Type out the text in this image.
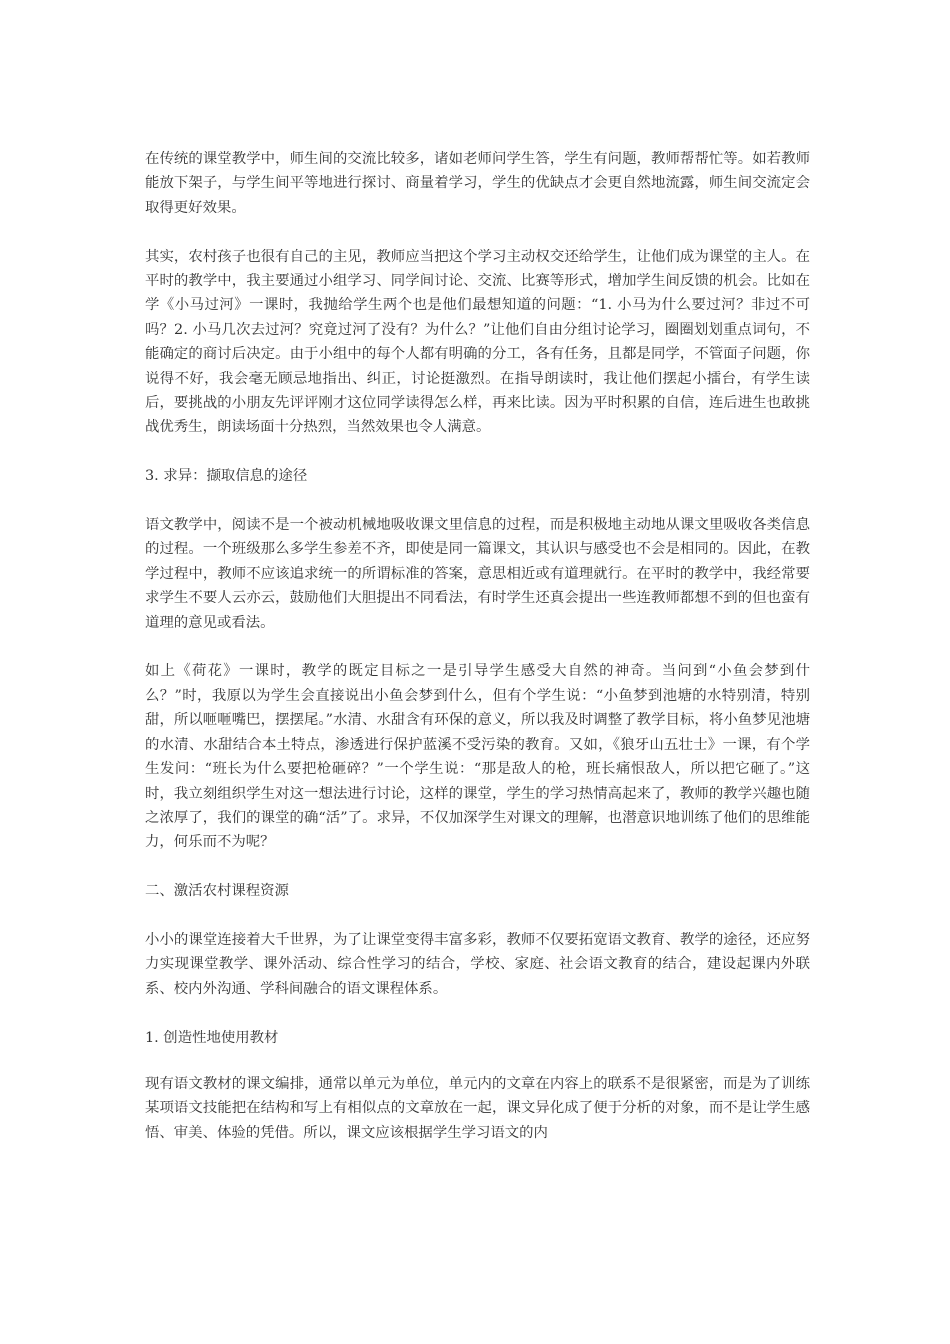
在传统的课堂教学中，师生间的交流比较多，诸如老师问学生答，学生有问题，教师帮帮忙等。如若教师能放下架子，与学生间平等地进行探讨、商量着学习，学生的优缺点才会更自然地流露，师生间交流定会取得更好效果。

其实，农村孩子也很有自己的主见，教师应当把这个学习主动权交还给学生，让他们成为课堂的主人。在平时的教学中，我主要通过小组学习、同学间讨论、交流、比赛等形式，增加学生间反馈的机会。比如在学《小马过河》一课时，我抛给学生两个也是他们最想知道的问题：“1. 小马为什么要过河？非过不可吗？2. 小马几次去过河？究竟过河了没有？为什么？”让他们自由分组讨论学习，圈圈划划重点词句，不能确定的商讨后决定。由于小组中的每个人都有明确的分工，各有任务，且都是同学，不管面子问题，你说得不好，我会毫无顾忌地指出、纠正，讨论挺激烈。在指导朗读时，我让他们摆起小擂台，有学生读后，要挑战的小朋友先评评刚才这位同学读得怎么样，再来比读。因为平时积累的自信，连后进生也敢挑战优秀生，朗读场面十分热烈，当然效果也令人满意。

3. 求异：撷取信息的途径

语文教学中，阅读不是一个被动机械地吸收课文里信息的过程，而是积极地主动地从课文里吸收各类信息的过程。一个班级那么多学生参差不齐，即使是同一篇课文，其认识与感受也不会是相同的。因此，在教学过程中，教师不应该追求统一的所谓标准的答案，意思相近或有道理就行。在平时的教学中，我经常要求学生不要人云亦云，鼓励他们大胆提出不同看法，有时学生还真会提出一些连教师都想不到的但也蛮有道理的意见或看法。

如上《荷花》一课时，教学的既定目标之一是引导学生感受大自然的神奇。当问到“小鱼会梦到什么？”时，我原以为学生会直接说出小鱼会梦到什么，但有个学生说：“小鱼梦到池塘的水特别清，特别甜，所以咂咂嘴巴，摆摆尾。”水清、水甜含有环保的意义，所以我及时调整了教学目标，将小鱼梦见池塘的水清、水甜结合本土特点，渗透进行保护蓝溪不受污染的教育。又如，《狼牙山五壮士》一课，有个学生发问：“班长为什么要把枪砸碎？”一个学生说：“那是敌人的枪，班长痛恨敌人，所以把它砸了。”这时，我立刻组织学生对这一想法进行讨论，这样的课堂，学生的学习热情高起来了，教师的教学兴趣也随之浓厚了，我们的课堂的确“活”了。求异，不仅加深学生对课文的理解，也潜意识地训练了他们的思维能力，何乐而不为呢？

二、激活农村课程资源

小小的课堂连接着大千世界，为了让课堂变得丰富多彩，教师不仅要拓宽语文教育、教学的途径，还应努力实现课堂教学、课外活动、综合性学习的结合，学校、家庭、社会语文教育的结合，建设起课内外联系、校内外沟通、学科间融合的语文课程体系。

1. 创造性地使用教材

现有语文教材的课文编排，通常以单元为单位，单元内的文章在内容上的联系不是很紧密，而是为了训练某项语文技能把在结构和写上有相似点的文章放在一起，课文异化成了便于分析的对象，而不是让学生感悟、审美、体验的凭借。所以，课文应该根据学生学习语文的内
